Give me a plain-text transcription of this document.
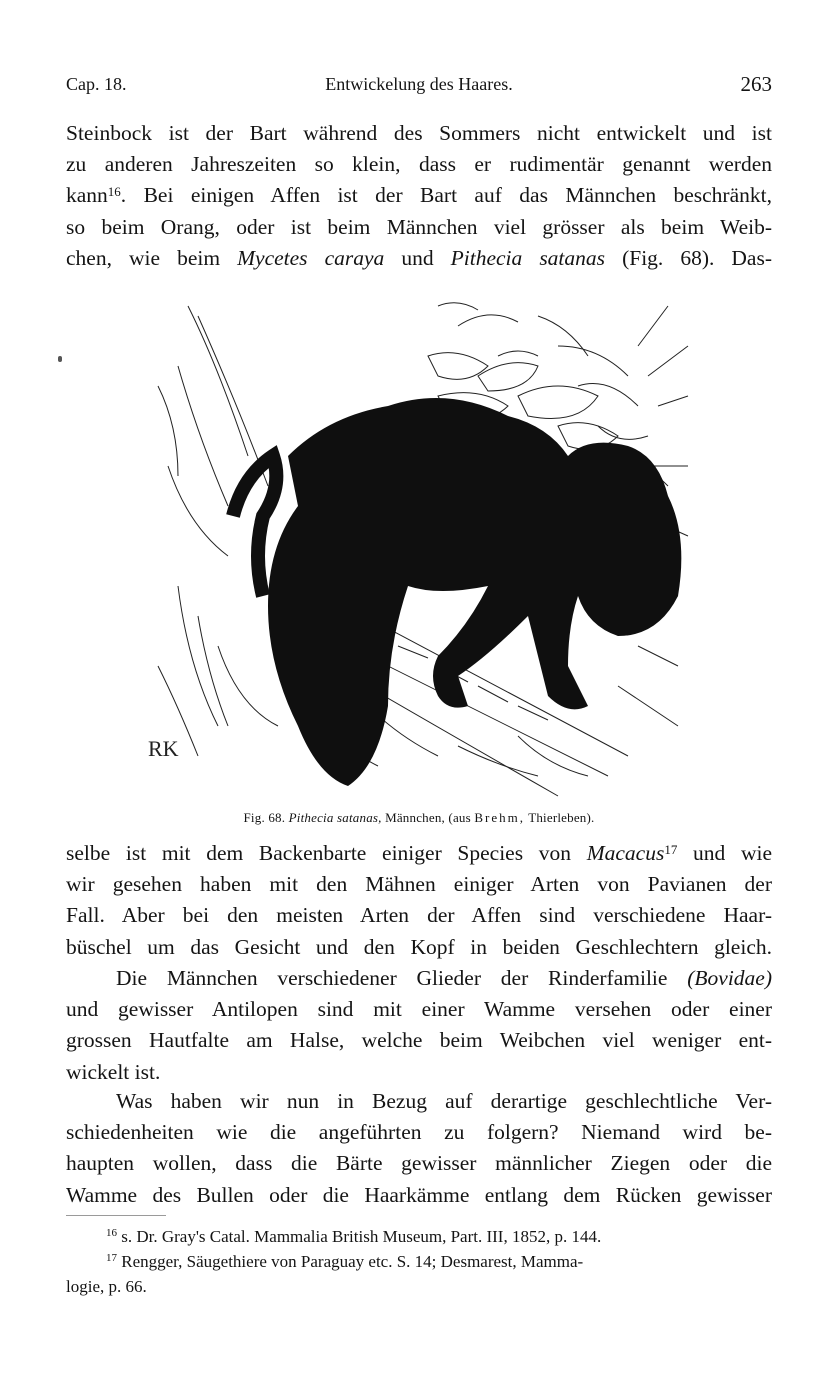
Cap. 18.	Entwickelung des Haares.	263
Steinbock ist der Bart während des Sommers nicht entwickelt und ist
zu anderen Jahreszeiten so klein, dass er rudimentär genannt werden
kann$^{16}$. Bei einigen Affen ist der Bart auf das Männchen beschränkt,
so beim Orang, oder ist beim Männchen viel grösser als beim Weib-
chen, wie beim Mycetes caraya und Pithecia satanas (Fig. 68). Das-
RK
Fig. 68. Pithecia satanas, Männchen, (aus Brehm, Thierleben).
selbe ist mit dem Backenbarte einiger Species von Macacus$^{17}$ und wie
wir gesehen haben mit den Mähnen einiger Arten von Pavianen der
Fall. Aber bei den meisten Arten der Affen sind verschiedene Haar-
büschel um das Gesicht und den Kopf in beiden Geschlechtern gleich.
Die Männchen verschiedener Glieder der Rinderfamilie (Bovidae)
und gewisser Antilopen sind mit einer Wamme versehen oder einer
grossen Hautfalte am Halse, welche beim Weibchen viel weniger ent-
wickelt ist.
Was haben wir nun in Bezug auf derartige geschlechtliche Ver-
schiedenheiten wie die angeführten zu folgern? Niemand wird be-
haupten wollen, dass die Bärte gewisser männlicher Ziegen oder die
Wamme des Bullen oder die Haarkämme entlang dem Rücken gewisser
$^{16}$ s. Dr. Gray's Catal. Mammalia British Museum, Part. III, 1852, p. 144.
$^{17}$ Rengger, Säugethiere von Paraguay etc. S. 14; Desmarest, Mamma-
logie, p. 66.
